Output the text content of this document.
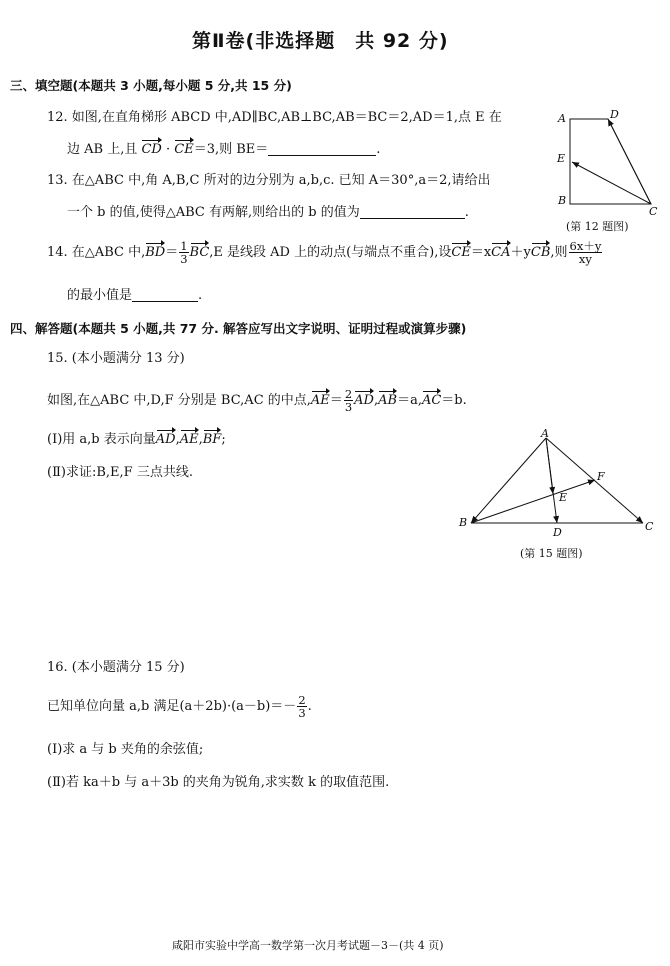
第Ⅱ卷(非选择题　共 92 分)
三、填空题(本题共 3 小题,每小题 5 分,共 15 分)
12. 如图,在直角梯形 ABCD 中,AD∥BC,AB⊥BC,AB＝BC＝2,AD＝1,点 E 在
边 AB 上,且 CD · CE＝3,则 BE＝	.
A	D
E
B
C
(第 12 题图)
13. 在△ABC 中,角 A,B,C 所对的边分别为 a,b,c. 已知 A＝30°,a＝2,请给出
一个 b 的值,使得△ABC 有两解,则给出的 b 的值为	.
14. 在△ABC 中$,BD= \frac{1}{3} BC,E$ 是线段 AD 上的动点(与端点不重合),设CE＝xCA＋yCB,则 $\frac{6x+y}{xy}$
的最小值是	.
四、解答题(本题共 5 小题,共 77 分. 解答应写出文字说明、证明过程或演算步骤)
15. (本小题满分 13 分)
如图,在△ABC 中,D,F 分别是 BC,AC 的中点$,AE= \frac{2}{3} AD,AB=a,AC=b$.
(Ⅰ)用 a,b 表示向量AD,AE,BF;
(Ⅱ)求证:B,E,F 三点共线.
A
F
E
B
D	C
(第 15 题图)
16. (本小题满分 15 分)
已知单位向量 a,b 满足$(a+2b)\cdot(a-b)=- \frac{2}{3}$ .
(Ⅰ)求 a 与 b 夹角的余弦值;
(Ⅱ)若 ka＋b 与 a＋3b 的夹角为锐角,求实数 k 的取值范围.
咸阳市实验中学高一数学第一次月考试题－3－(共 4 页)
